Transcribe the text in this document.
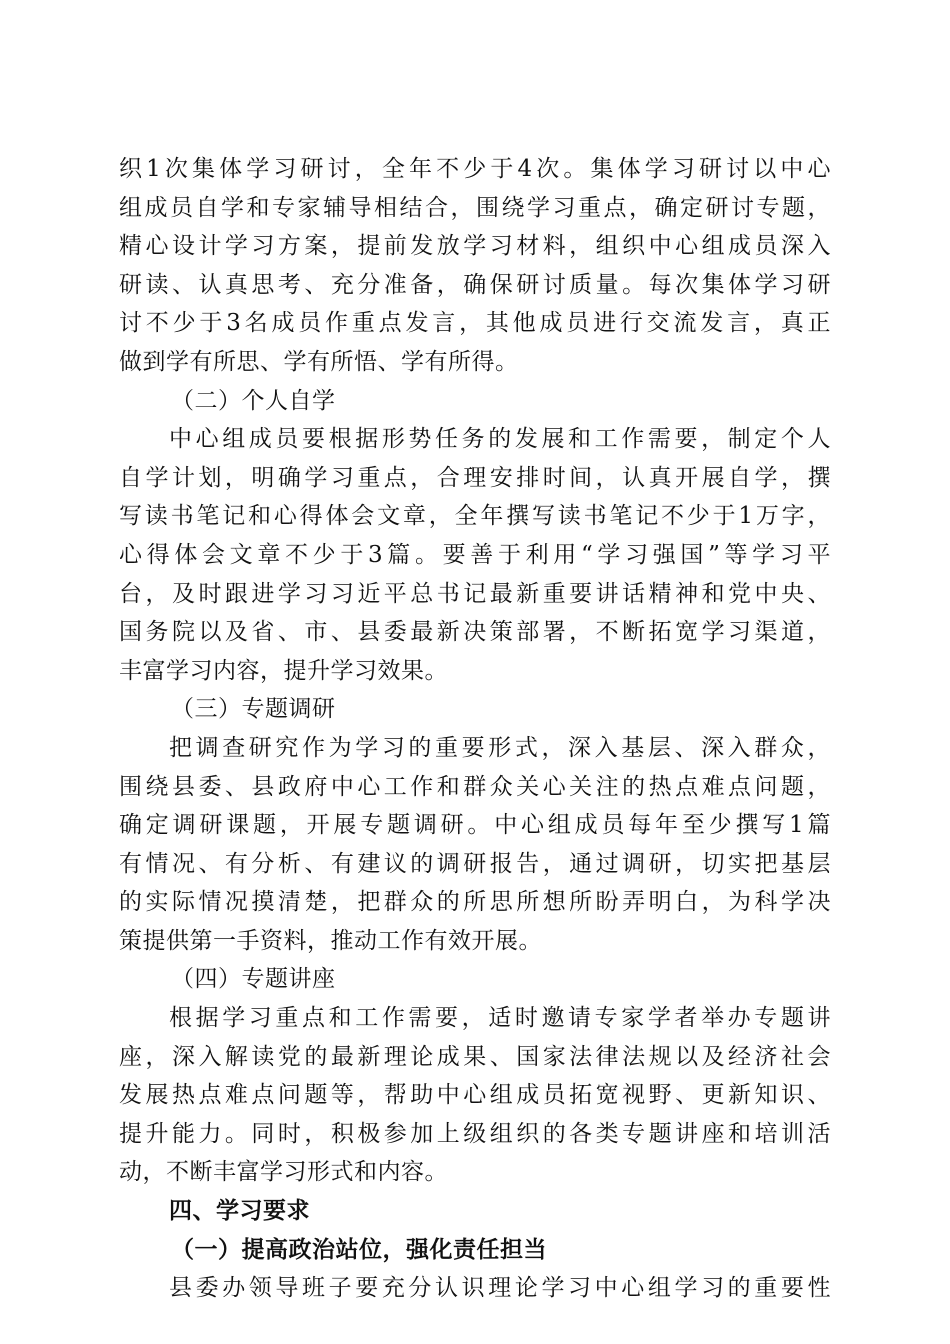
织1次集体学习研讨，全年不少于4次。集体学习研讨以中心
组成员自学和专家辅导相结合，围绕学习重点，确定研讨专题，
精心设计学习方案，提前发放学习材料，组织中心组成员深入
研读、认真思考、充分准备，确保研讨质量。每次集体学习研
讨不少于3名成员作重点发言，其他成员进行交流发言，真正
做到学有所思、学有所悟、学有所得。
（二）个人自学
中心组成员要根据形势任务的发展和工作需要，制定个人
自学计划，明确学习重点，合理安排时间，认真开展自学，撰
写读书笔记和心得体会文章，全年撰写读书笔记不少于1万字，
心得体会文章不少于3篇。要善于利用“学习强国”等学习平
台，及时跟进学习习近平总书记最新重要讲话精神和党中央、
国务院以及省、市、县委最新决策部署，不断拓宽学习渠道，
丰富学习内容，提升学习效果。
（三）专题调研
把调查研究作为学习的重要形式，深入基层、深入群众，
围绕县委、县政府中心工作和群众关心关注的热点难点问题，
确定调研课题，开展专题调研。中心组成员每年至少撰写1篇
有情况、有分析、有建议的调研报告，通过调研，切实把基层
的实际情况摸清楚，把群众的所思所想所盼弄明白，为科学决
策提供第一手资料，推动工作有效开展。
（四）专题讲座
根据学习重点和工作需要，适时邀请专家学者举办专题讲
座，深入解读党的最新理论成果、国家法律法规以及经济社会
发展热点难点问题等，帮助中心组成员拓宽视野、更新知识、
提升能力。同时，积极参加上级组织的各类专题讲座和培训活
动，不断丰富学习形式和内容。
四、学习要求
（一）提高政治站位，强化责任担当
县委办领导班子要充分认识理论学习中心组学习的重要性
